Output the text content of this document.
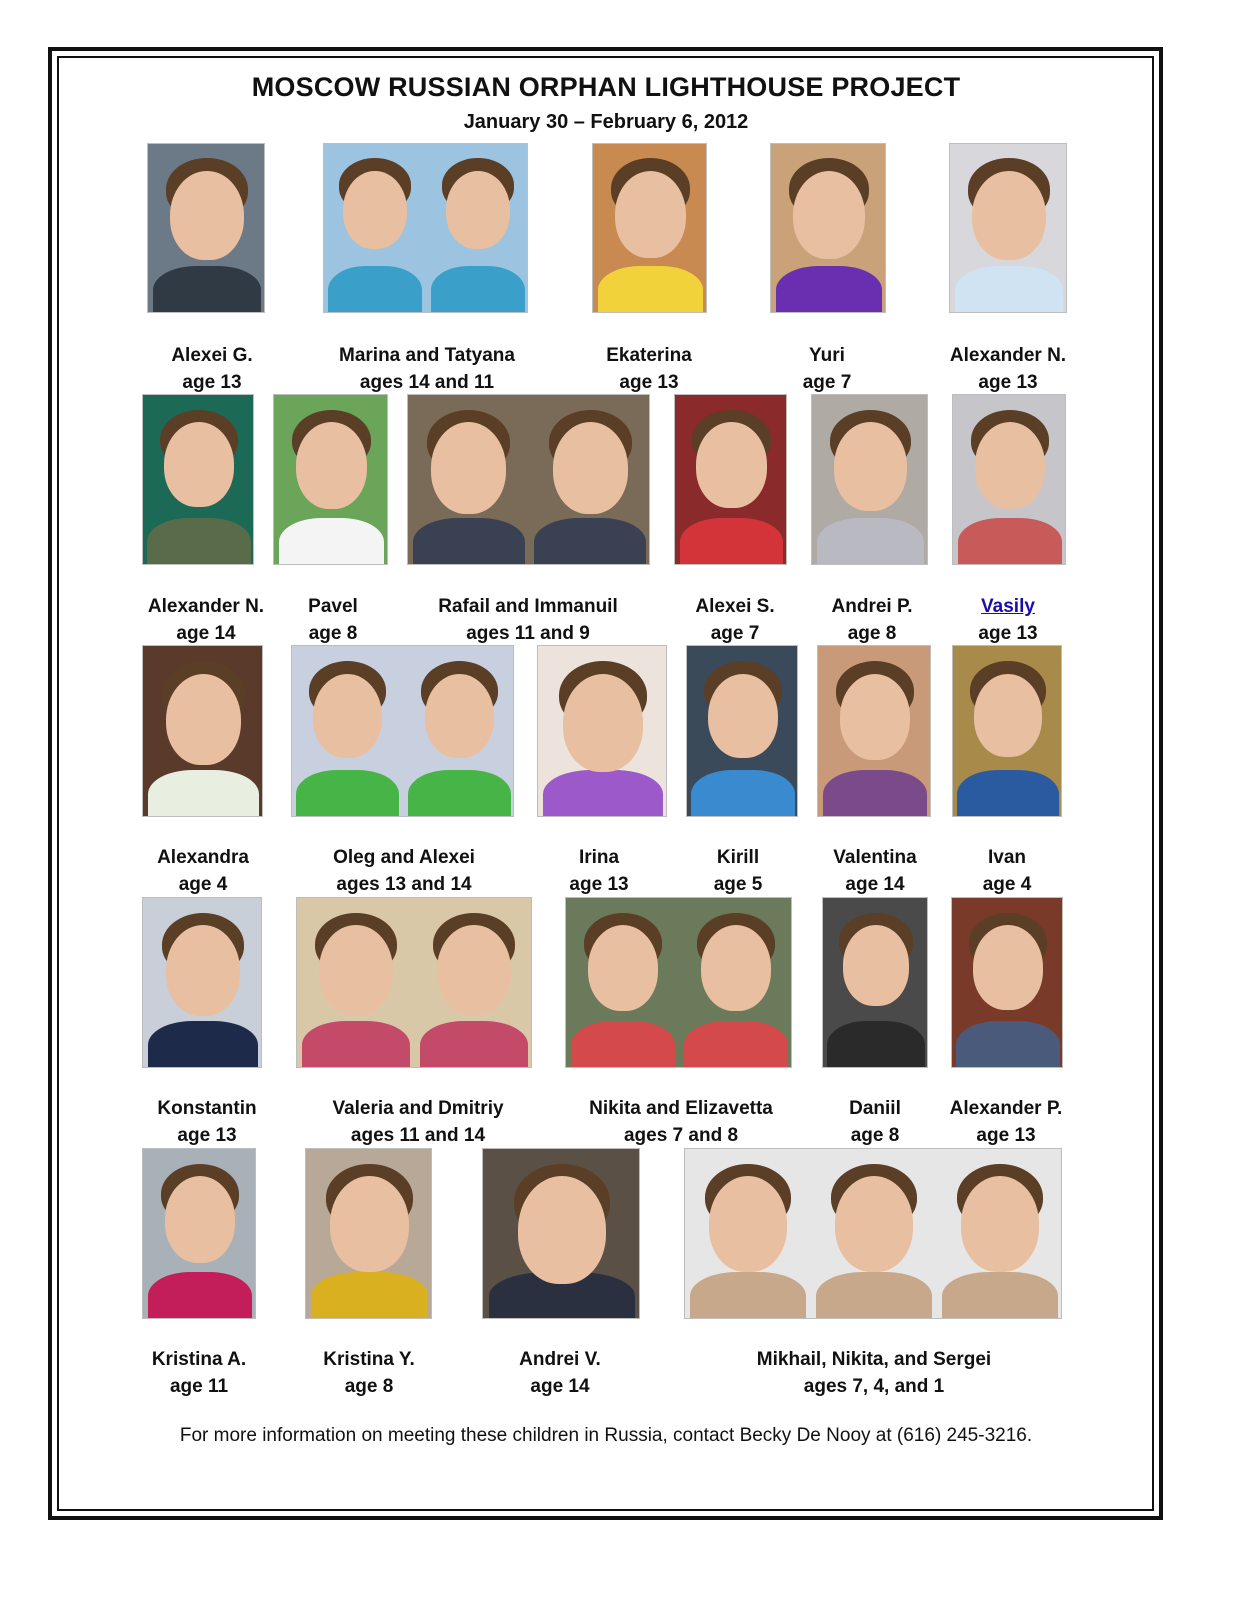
MOSCOW RUSSIAN ORPHAN LIGHTHOUSE PROJECT
January 30 – February 6, 2012
Alexei G.
age 13
Marina and Tatyana
ages 14 and 11
Ekaterina
age 13
Yuri
age 7
Alexander N.
age 13
Alexander N.
age 14
Pavel
age 8
Rafail and Immanuil
ages 11 and 9
Alexei S.
age 7
Andrei P.
age 8
Vasily
age 13
Alexandra
age 4
Oleg and Alexei
ages 13 and 14
Irina
age 13
Kirill
age 5
Valentina
age 14
Ivan
age 4
Konstantin
age 13
Valeria and Dmitriy
ages 11 and 14
Nikita and Elizavetta
ages 7 and 8
Daniil
age 8
Alexander P.
age 13
Kristina A.
age 11
Kristina Y.
age 8
Andrei V.
age 14
Mikhail, Nikita, and Sergei
ages 7, 4, and 1
For more information on meeting these children in Russia, contact Becky De Nooy at (616) 245-3216.
